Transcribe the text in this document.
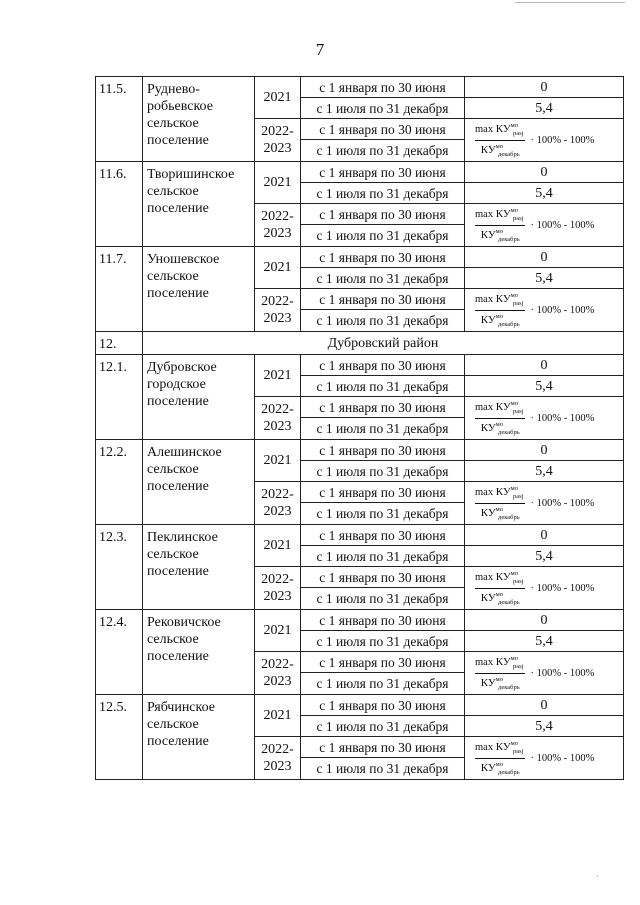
7
11.5.	Руднево-робьевское сельское поселение	2021	с 1 января по 30 июня	0
			с 1 июля по 31 декабря	5,4
		2022-2023	с 1 января по 30 июня	$\frac{\max КУ^{мо}_{pasj}}{КУ^{мо}_{декабрь}} \cdot 100\% - 100\%$

			с 1 июля по 31 декабря	
11.6.	Творишинское сельское поселение	2021	с 1 января по 30 июня	0
			с 1 июля по 31 декабря	5,4
		2022-2023	с 1 января по 30 июня	$\frac{\max КУ^{мо}_{pasj}}{КУ^{мо}_{декабрь}} \cdot 100\% - 100\%$

			с 1 июля по 31 декабря	
11.7.	Уношевское сельское поселение	2021	с 1 января по 30 июня	0
			с 1 июля по 31 декабря	5,4
		2022-2023	с 1 января по 30 июня	$\frac{\max КУ^{мо}_{pasj}}{КУ^{мо}_{декабрь}} \cdot 100\% - 100\%$

			с 1 июля по 31 декабря	
12.	Дубровский район			
12.1.	Дубровское городское поселение	2021	с 1 января по 30 июня	0
			с 1 июля по 31 декабря	5,4
		2022-2023	с 1 января по 30 июня	$\frac{\max КУ^{мо}_{pasj}}{КУ^{мо}_{декабрь}} \cdot 100\% - 100\%$

			с 1 июля по 31 декабря	
12.2.	Алешинское сельское поселение	2021	с 1 января по 30 июня	0
			с 1 июля по 31 декабря	5,4
		2022-2023	с 1 января по 30 июня	$\frac{\max КУ^{мо}_{pasj}}{КУ^{мо}_{декабрь}} \cdot 100\% - 100\%$

			с 1 июля по 31 декабря	
12.3.	Пеклинское сельское поселение	2021	с 1 января по 30 июня	0
			с 1 июля по 31 декабря	5,4
		2022-2023	с 1 января по 30 июня	$\frac{\max КУ^{мо}_{pasj}}{КУ^{мо}_{декабрь}} \cdot 100\% - 100\%$

			с 1 июля по 31 декабря	
12.4.	Рековичское сельское поселение	2021	с 1 января по 30 июня	0
			с 1 июля по 31 декабря	5,4
		2022-2023	с 1 января по 30 июня	$\frac{\max КУ^{мо}_{pasj}}{КУ^{мо}_{декабрь}} \cdot 100\% - 100\%$

			с 1 июля по 31 декабря	
12.5.	Рябчинское сельское поселение	2021	с 1 января по 30 июня	0
			с 1 июля по 31 декабря	5,4
		2022-2023	с 1 января по 30 июня	$\frac{\max КУ^{мо}_{pasj}}{КУ^{мо}_{декабрь}} \cdot 100\% - 100\%$

			с 1 июля по 31 декабря	
·
